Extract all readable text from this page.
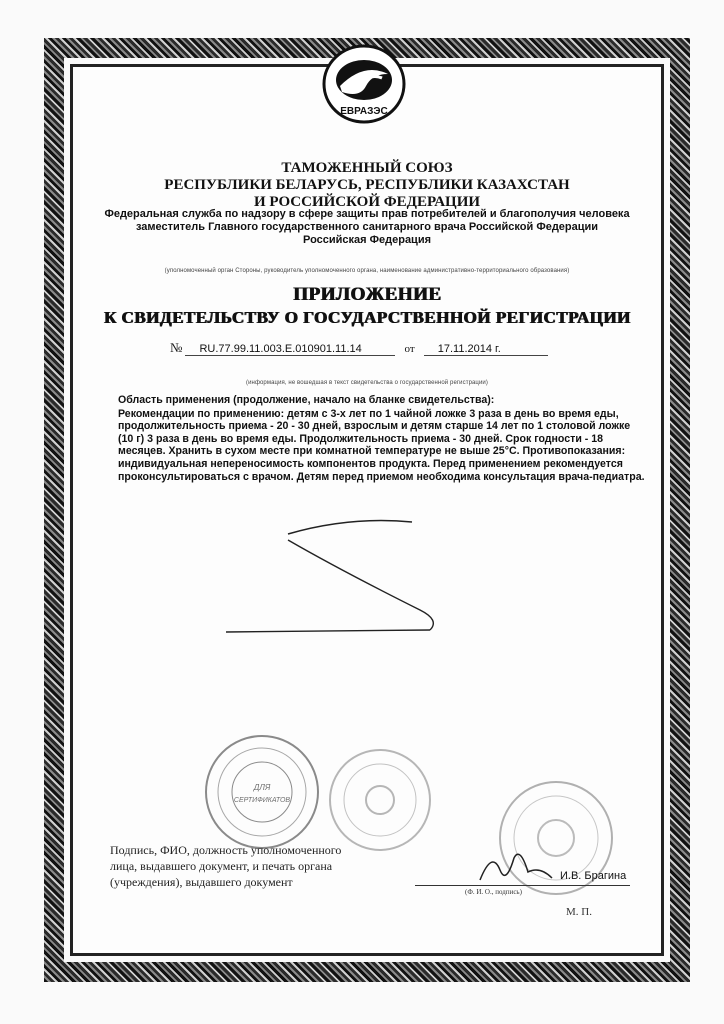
ЕВРАЗЭС
ТАМОЖЕННЫЙ СОЮЗ
РЕСПУБЛИКИ БЕЛАРУСЬ, РЕСПУБЛИКИ КАЗАХСТАН
И РОССИЙСКОЙ ФЕДЕРАЦИИ
Федеральная служба по надзору в сфере защиты прав потребителей и благополучия человека
заместитель Главного государственного санитарного врача Российской Федерации
Российская Федерация
(уполномоченный орган Стороны, руководитель уполномоченного органа, наименование административно-территориального образования)
ПРИЛОЖЕНИЕ
К СВИДЕТЕЛЬСТВУ О ГОСУДАРСТВЕННОЙ РЕГИСТРАЦИИ
№ RU.77.99.11.003.E.010901.11.14	от 17.11.2014 г.
(информация, не вошедшая в текст свидетельства о государственной регистрации)
Область применения (продолжение, начало на бланке свидетельства):
Рекомендации по применению: детям с 3-х лет по 1 чайной ложке 3 раза в день во время еды,
продолжительность приема - 20 - 30 дней, взрослым и детям старше 14 лет по 1 столовой ложке
(10 г) 3 раза в день во время еды. Продолжительность приема - 30 дней. Срок годности - 18
месяцев. Хранить в сухом месте при комнатной температуре не выше 25°С. Противопоказания:
индивидуальная непереносимость компонентов продукта. Перед применением рекомендуется
проконсультироваться с врачом. Детям перед приемом необходима консультация врача-педиатра.
ДЛЯ
СЕРТИФИКАТОВ
Подпись, ФИО, должность уполномоченного
лица, выдавшего документ, и печать органа
(учреждения), выдавшего документ	И.В. Брагина
(Ф. И. О., подпись)
М. П.
